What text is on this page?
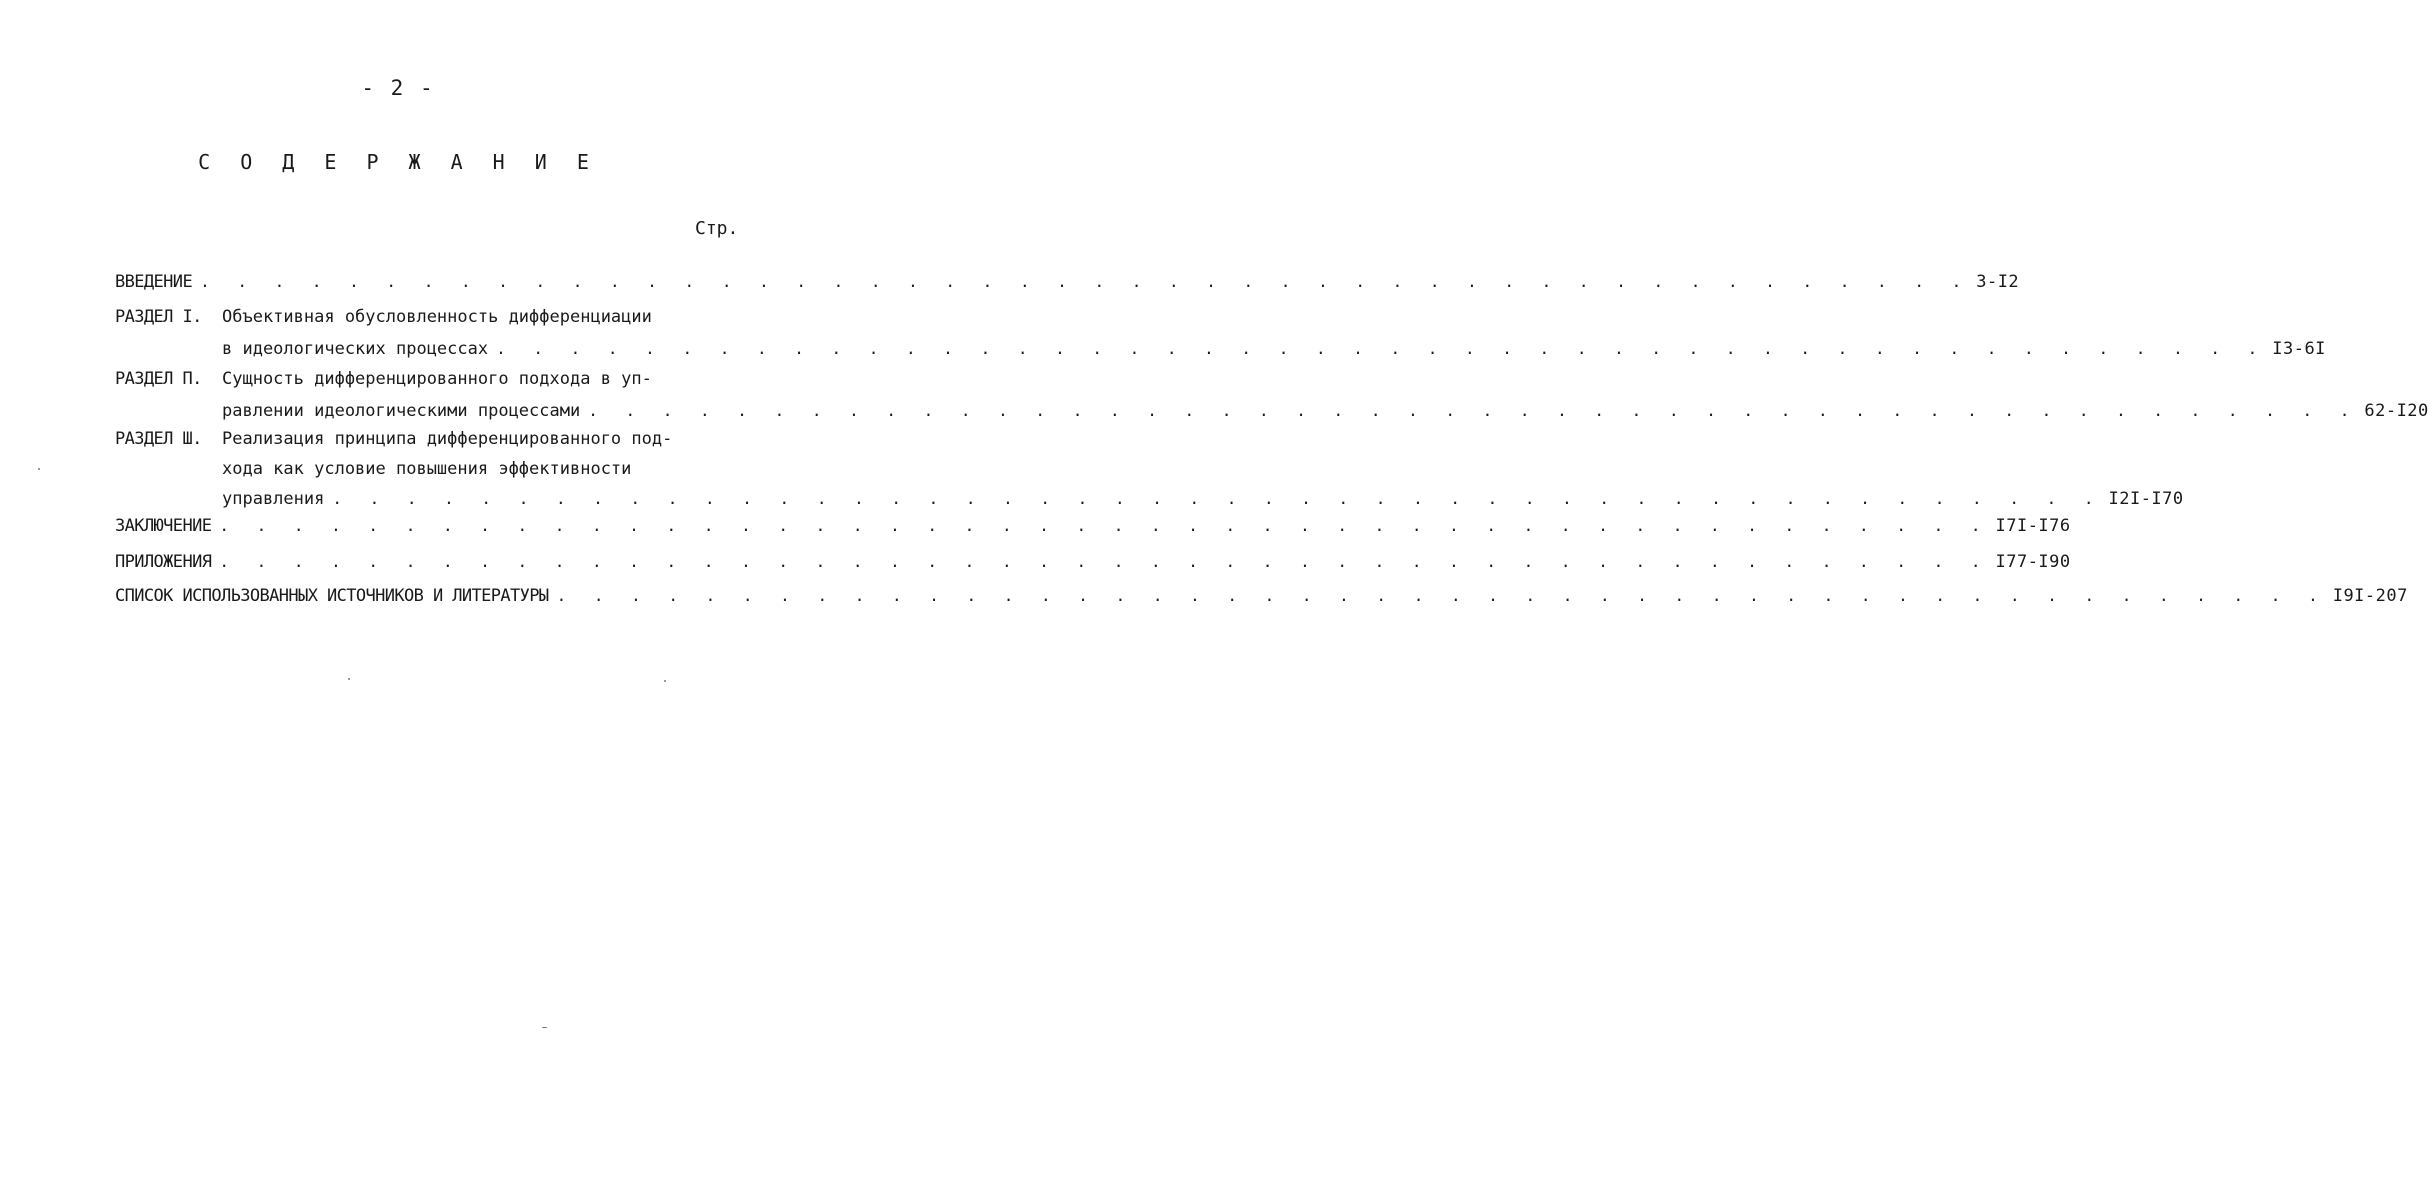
- 2 -
С О Д Е Р Ж А Н И Е
Стр.
ВВЕДЕНИЕ . . . . . . . . . . . . . . . . . . . . . . . . . . . . . . . . . . . . . . . . . . . . . . . . 3-I2
РАЗДЕЛ I. Объективная обусловленность дифференциации
в идеологических процессах . . . . . . . . . . . . . . . . . . . . . . . . . . . . . . . . . . . . . . . . . . . . . . . . I3-6I
РАЗДЕЛ П. Сущность дифференцированного подхода в уп-
равлении идеологическими процессами . . . . . . . . . . . . . . . . . . . . . . . . . . . . . . . . . . . . . . . . . . . . . . . . 62-I20
РАЗДЕЛ Ш. Реализация принципа дифференцированного под-
хода как условие повышения эффективности
управления . . . . . . . . . . . . . . . . . . . . . . . . . . . . . . . . . . . . . . . . . . . . . . . . I2I-I70
ЗАКЛЮЧЕНИЕ . . . . . . . . . . . . . . . . . . . . . . . . . . . . . . . . . . . . . . . . . . . . . . . . I7I-I76
ПРИЛОЖЕНИЯ . . . . . . . . . . . . . . . . . . . . . . . . . . . . . . . . . . . . . . . . . . . . . . . . I77-I90
СПИСОК ИСПОЛЬЗОВАННЫХ ИСТОЧНИКОВ И ЛИТЕРАТУРЫ . . . . . . . . . . . . . . . . . . . . . . . . . . . . . . . . . . . . . . . . . . . . . . . . I9I-207
